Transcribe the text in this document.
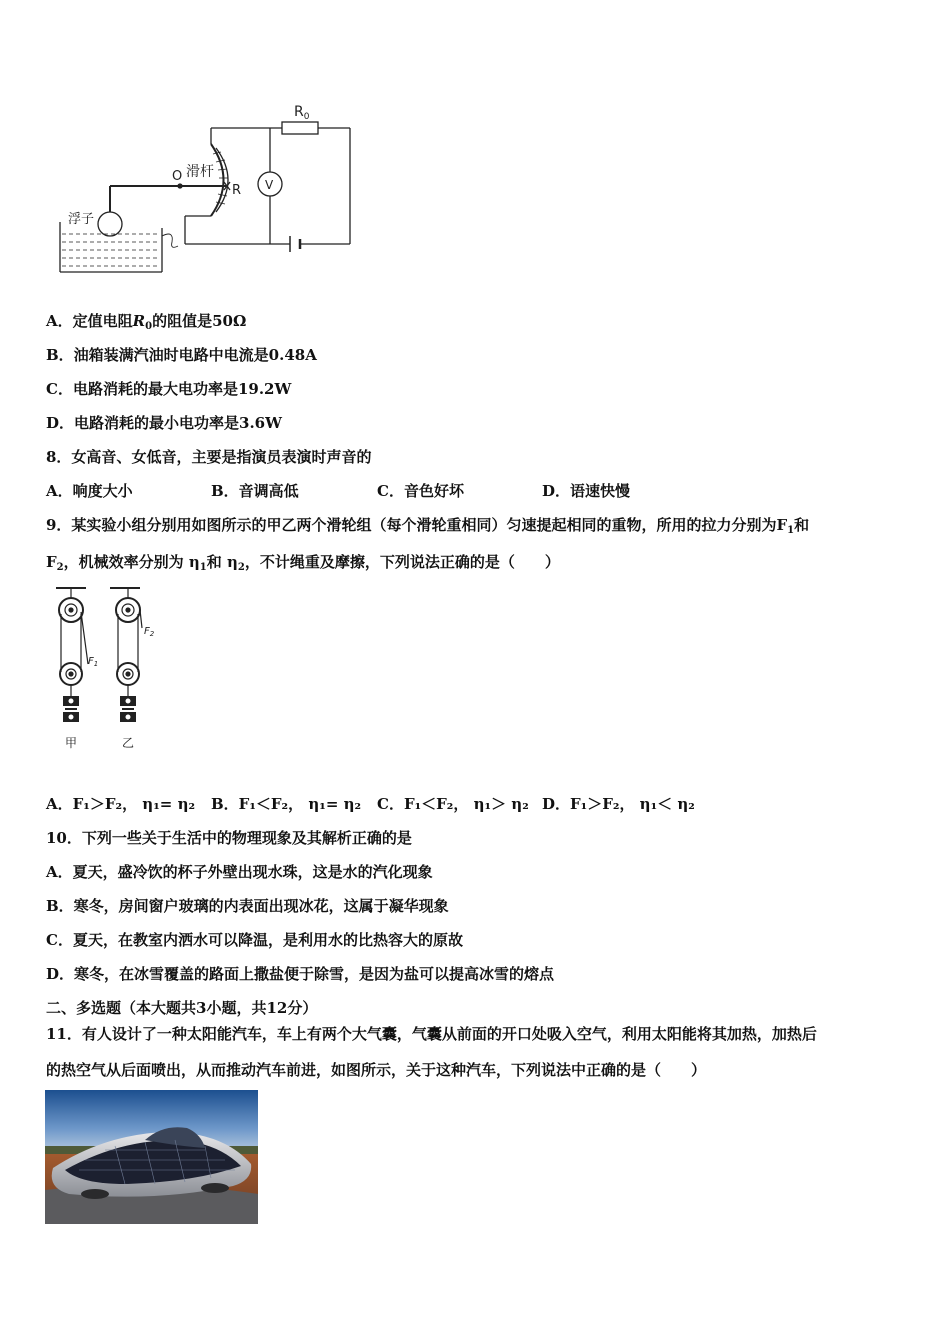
$R_0$
O 滑杆
R V
浮子
A．定值电阻$R_0$的阻值是50Ω
B．油箱装满汽油时电路中电流是0.48A
C．电路消耗的最大电功率是19.2W
D．电路消耗的最小电功率是3.6W
8．女高音、女低音，主要是指演员表演时声音的
A．响度大小	B．音调高低	C．音色好坏	D．语速快慢
9．某实验小组分别用如图所示的甲乙两个滑轮组（每个滑轮重相同）匀速提起相同的重物，所用的拉力分别为$F_1$和
$F_2$，机械效率分别为 $\eta_1$和 $\eta_2$，不计绳重及摩擦，下列说法正确的是（　　）
$F_1$
$F_2$
甲	乙
A．F₁＞F₂， η₁= η₂ B．F₁＜F₂， η₁= η₂ C．F₁＜F₂， η₁＞ η₂ D．F₁＞F₂， η₁＜ η₂
10．下列一些关于生活中的物理现象及其解析正确的是
A．夏天，盛冷饮的杯子外壁出现水珠，这是水的汽化现象
B．寒冬，房间窗户玻璃的内表面出现冰花，这属于凝华现象
C．夏天，在教室内洒水可以降温，是利用水的比热容大的原故
D．寒冬，在冰雪覆盖的路面上撒盐便于除雪，是因为盐可以提高冰雪的熔点
二、多选题（本大题共3小题，共12分）
11．有人设计了一种太阳能汽车，车上有两个大气囊，气囊从前面的开口处吸入空气，利用太阳能将其加热，加热后
的热空气从后面喷出，从而推动汽车前进，如图所示，关于这种汽车，下列说法中正确的是（　　）
